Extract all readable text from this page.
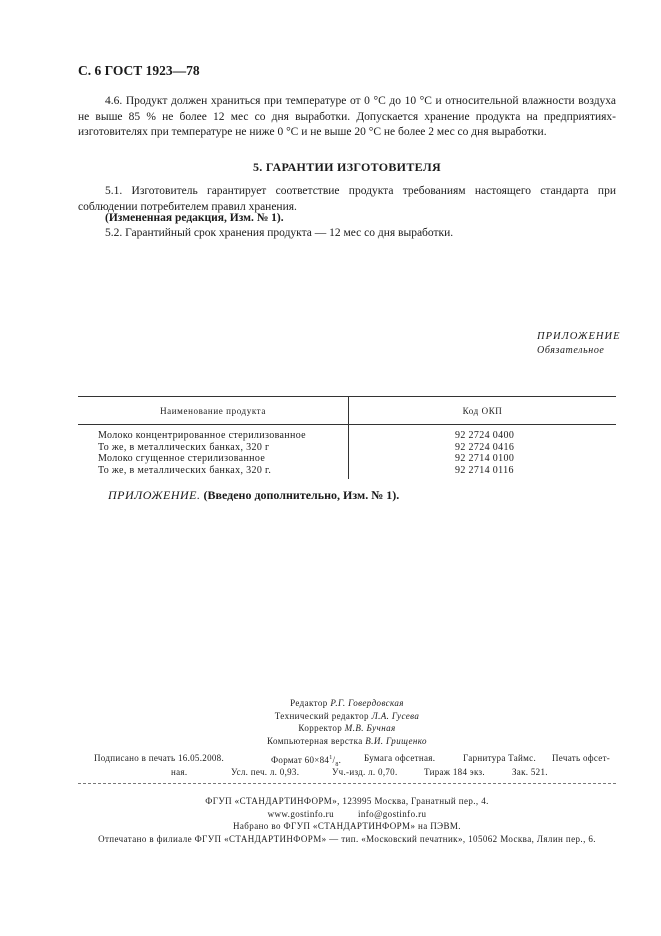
С. 6 ГОСТ 1923—78
4.6. Продукт должен храниться при температуре от 0 °С до 10 °С и относительной влажности воздуха не выше 85 % не более 12 мес со дня выработки. Допускается хранение продукта на предприятиях-изготовителях при температуре не ниже 0 °С и не выше 20 °С не более 2 мес со дня выработки.
5. ГАРАНТИИ ИЗГОТОВИТЕЛЯ
5.1. Изготовитель гарантирует соответствие продукта требованиям настоящего стандарта при соблюдении потребителем правил хранения.
(Измененная редакция, Изм. № 1).
5.2. Гарантийный срок хранения продукта — 12 мес со дня выработки.
ПРИЛОЖЕНИЕ
Обязательное
Наименование продукта	Код ОКП
Молоко концентрированное стерилизованное	92 2724 0400
То же, в металлических банках, 320 г	92 2724 0416
Молоко сгущенное стерилизованное	92 2714 0100
То же, в металлических банках, 320 г.	92 2714 0116
ПРИЛОЖЕНИЕ. (Введено дополнительно, Изм. № 1).
Редактор Р.Г. Говердовская
Технический редактор Л.А. Гусева
Корректор М.В. Бучная
Компьютерная верстка В.И. Грищенко
Подписано в печать 16.05.2008.	Формат $60\times 84^1/_8$.	Бумага офсетная.	Гарнитура Таймс. Печать офсет-
ная.	Усл. печ. л. 0,93.	Уч.-изд. л. 0,70.	Тираж 184 экз.	Зак. 521.
ФГУП «СТАНДАРТИНФОРМ», 123995 Москва, Гранатный пер., 4.
www.gostinfo.ru	info@gostinfo.ru
Набрано во ФГУП «СТАНДАРТИНФОРМ» на ПЭВМ.
Отпечатано в филиале ФГУП «СТАНДАРТИНФОРМ» — тип. «Московский печатник», 105062 Москва, Лялин пер., 6.
